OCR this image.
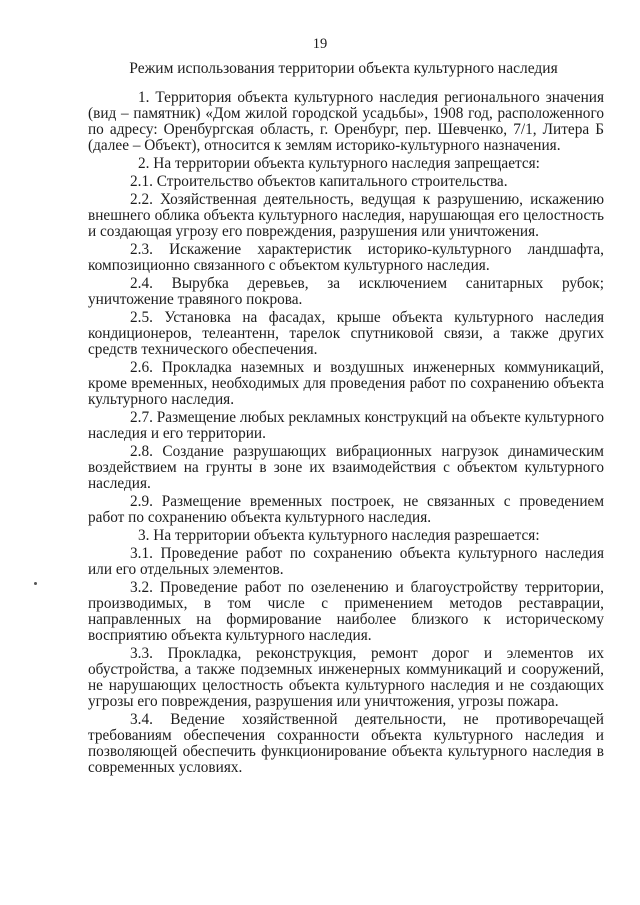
19
Режим использования территории объекта культурного наследия

1. Территория объекта культурного наследия регионального значения (вид – памятник) «Дом жилой городской усадьбы», 1908 год, расположенного по адресу: Оренбургская область, г. Оренбург, пер. Шевченко, 7/1, Литера Б (далее – Объект), относится к землям историко-культурного назначения.

2. На территории объекта культурного наследия запрещается:

2.1. Строительство объектов капитального строительства.

2.2. Хозяйственная деятельность, ведущая к разрушению, искажению внешнего облика объекта культурного наследия, нарушающая его целостность и создающая угрозу его повреждения, разрушения или уничтожения.

2.3. Искажение характеристик историко-культурного ландшафта, композиционно связанного с объектом культурного наследия.

2.4. Вырубка деревьев, за исключением санитарных рубок; уничтожение травяного покрова.

2.5. Установка на фасадах, крыше объекта культурного наследия кондиционеров, телеантенн, тарелок спутниковой связи, а также других средств технического обеспечения.

2.6. Прокладка наземных и воздушных инженерных коммуникаций, кроме временных, необходимых для проведения работ по сохранению объекта культурного наследия.

2.7. Размещение любых рекламных конструкций на объекте культурного наследия и его территории.

2.8. Создание разрушающих вибрационных нагрузок динамическим воздействием на грунты в зоне их взаимодействия с объектом культурного наследия.

2.9. Размещение временных построек, не связанных с проведением работ по сохранению объекта культурного наследия.

3. На территории объекта культурного наследия разрешается:

3.1. Проведение работ по сохранению объекта культурного наследия или его отдельных элементов.

3.2. Проведение работ по озеленению и благоустройству территории, производимых, в том числе с применением методов реставрации, направленных на формирование наиболее близкого к историческому восприятию объекта культурного наследия.

3.3. Прокладка, реконструкция, ремонт дорог и элементов их обустройства, а также подземных инженерных коммуникаций и сооружений, не нарушающих целостность объекта культурного наследия и не создающих угрозы его повреждения, разрушения или уничтожения, угрозы пожара.

3.4. Ведение хозяйственной деятельности, не противоречащей требованиям обеспечения сохранности объекта культурного наследия и позволяющей обеспечить функционирование объекта культурного наследия в современных условиях.
